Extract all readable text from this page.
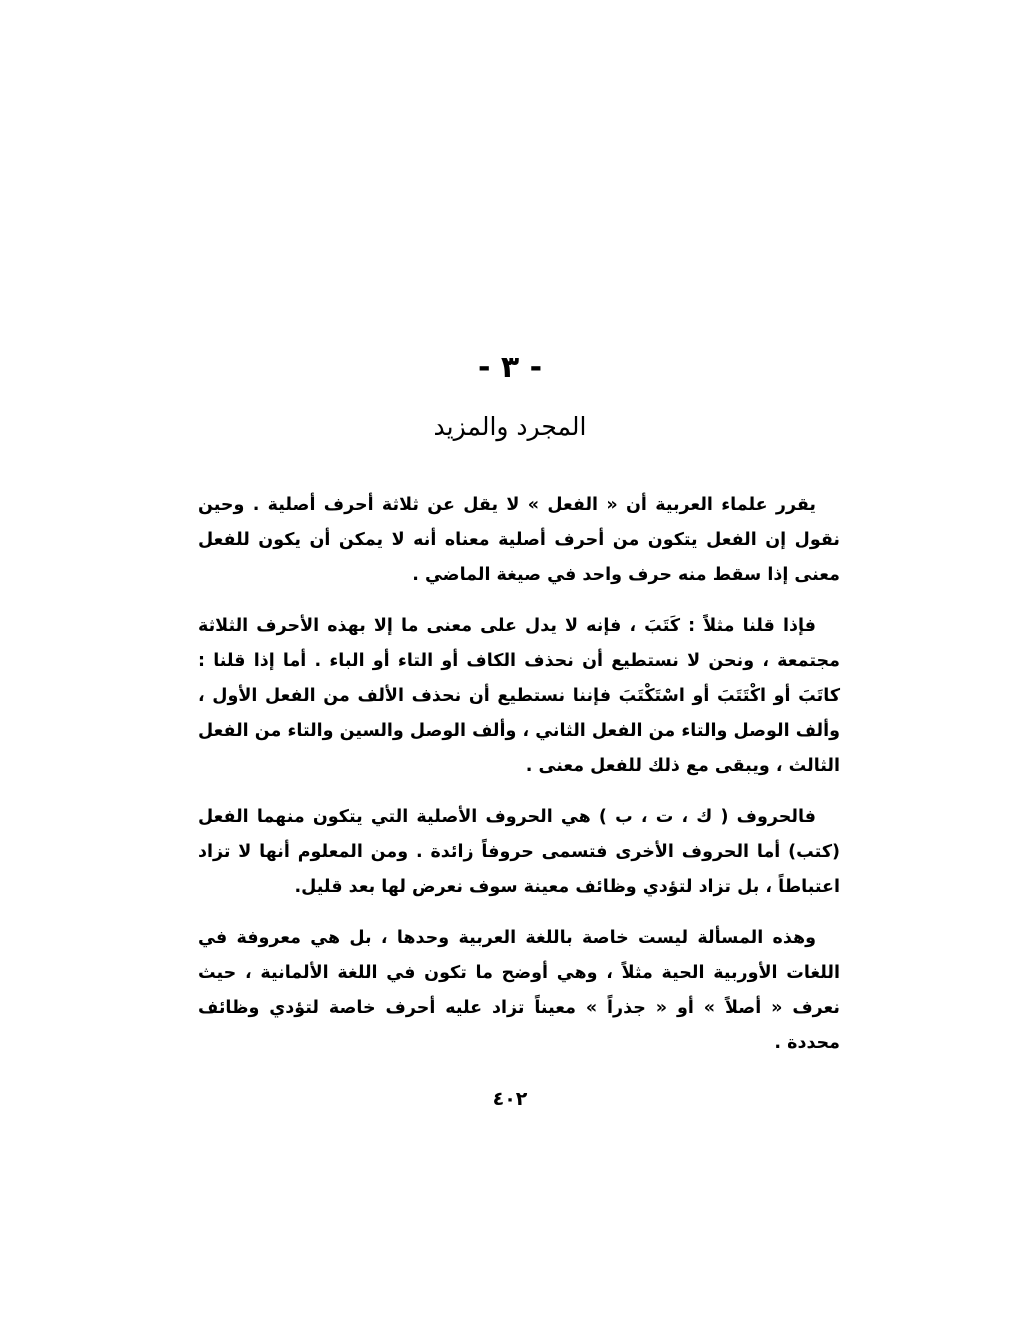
- ٣ -
المجرد والمزيد

يقرر علماء العربية أن « الفعل » لا يقل عن ثلاثة أحرف أصلية . وحين نقول إن الفعل يتكون من أحرف أصلية معناه أنه لا يمكن أن يكون للفعل معنى إذا سقط منه حرف واحد في صيغة الماضي .

فإذا قلنا مثلاً : كَتَبَ ، فإنه لا يدل على معنى ما إلا بهذه الأحرف الثلاثة مجتمعة ، ونحن لا نستطيع أن نحذف الكاف أو التاء أو الباء . أما إذا قلنا : كاتَبَ أو اكْتَتَبَ أو اسْتَكْتَبَ فإننا نستطيع أن نحذف الألف من الفعل الأول ، وألف الوصل والتاء من الفعل الثاني ، وألف الوصل والسين والتاء من الفعل الثالث ، ويبقى مع ذلك للفعل معنى .

فالحروف ( ك ، ت ، ب ) هي الحروف الأصلية التي يتكون منهما الفعل (كتب) أما الحروف الأخرى فتسمى حروفاً زائدة . ومن المعلوم أنها لا تزاد اعتباطاً ، بل تزاد لتؤدي وظائف معينة سوف نعرض لها بعد قليل.

وهذه المسألة ليست خاصة باللغة العربية وحدها ، بل هي معروفة في اللغات الأوربية الحية مثلاً ، وهي أوضح ما تكون في اللغة الألمانية ، حيث نعرف « أصلاً » أو « جذراً » معيناً تزاد عليه أحرف خاصة لتؤدي وظائف محددة .

٤٠٢
